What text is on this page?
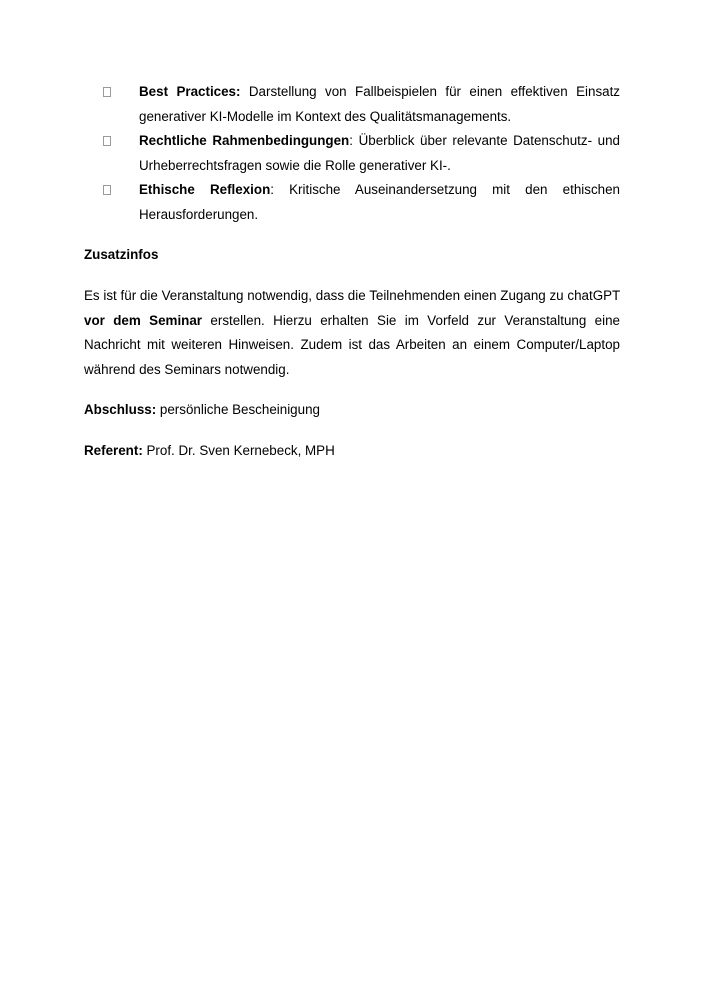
Best Practices: Darstellung von Fallbeispielen für einen effektiven Einsatz generativer KI-Modelle im Kontext des Qualitätsmanagements.
Rechtliche Rahmenbedingungen: Überblick über relevante Datenschutz- und Urheberrechtsfragen sowie die Rolle generativer KI-.
Ethische Reflexion: Kritische Auseinandersetzung mit den ethischen Herausforderungen.
Zusatzinfos

Es ist für die Veranstaltung notwendig, dass die Teilnehmenden einen Zugang zu chatGPT vor dem Seminar erstellen. Hierzu erhalten Sie im Vorfeld zur Veranstaltung eine Nachricht mit weiteren Hinweisen. Zudem ist das Arbeiten an einem Computer/Laptop während des Seminars notwendig.

Abschluss: persönliche Bescheinigung
Referent: Prof. Dr. Sven Kernebeck, MPH
